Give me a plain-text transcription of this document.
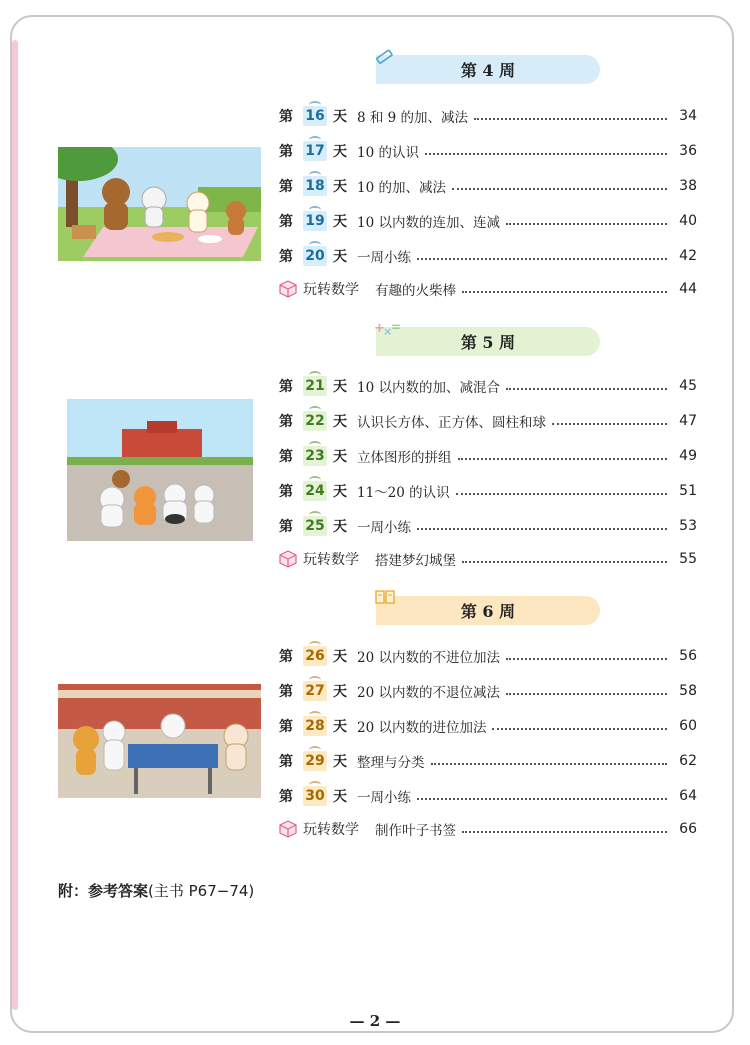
第 4 周
第 16 天 8 和 9 的加、减法	34
第 17 天 10 的认识	36
第 18 天 10 的加、减法	38
第 19 天 10 以内数的连加、连减	40
第 20 天 一周小练	42
玩转数学 有趣的火柴棒	44
+
×
=
第 5 周
第 21 天 10 以内数的加、减混合	45
第 22 天 认识长方体、正方体、圆柱和球	47
第 23 天 立体图形的拼组	49
第 24 天 11～20 的认识	51
第 25 天 一周小练	53
玩转数学 搭建梦幻城堡	55
第 6 周
第 26 天 20 以内数的不进位加法	56
第 27 天 20 以内数的不退位减法	58
第 28 天 20 以内数的进位加法	60
第 29 天 整理与分类	62
第 30 天 一周小练	64
玩转数学 制作叶子书签	66
附：参考答案(主书 P67−74)
— 2 —
